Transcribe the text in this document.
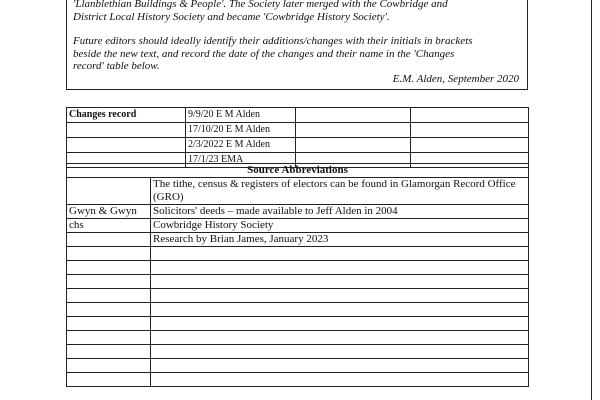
'Llanblethian Buildings & People'. The Society later merged with the Cowbridge and

District Local History Society and became 'Cowbridge History Society'.

Future editors should ideally identify their additions/changes with their initials in brackets

beside the new text, and record the date of the changes and their name in the 'Changes

record' table below.

E.M. Alden, September 2020

Changes record	9/9/20 E M Alden		
	17/10/20 E M Alden		
	2/3/2022 E M Alden		
	17/1/23 EMA		
Source Abbreviations	
	The tithe, census & registers of electors can be found in Glamorgan Record Office (GRO)
Gwyn & Gwyn	Solicitors' deeds – made available to Jeff Alden in 2004
chs	Cowbridge History Society
	Research by Brian James, January 2023
